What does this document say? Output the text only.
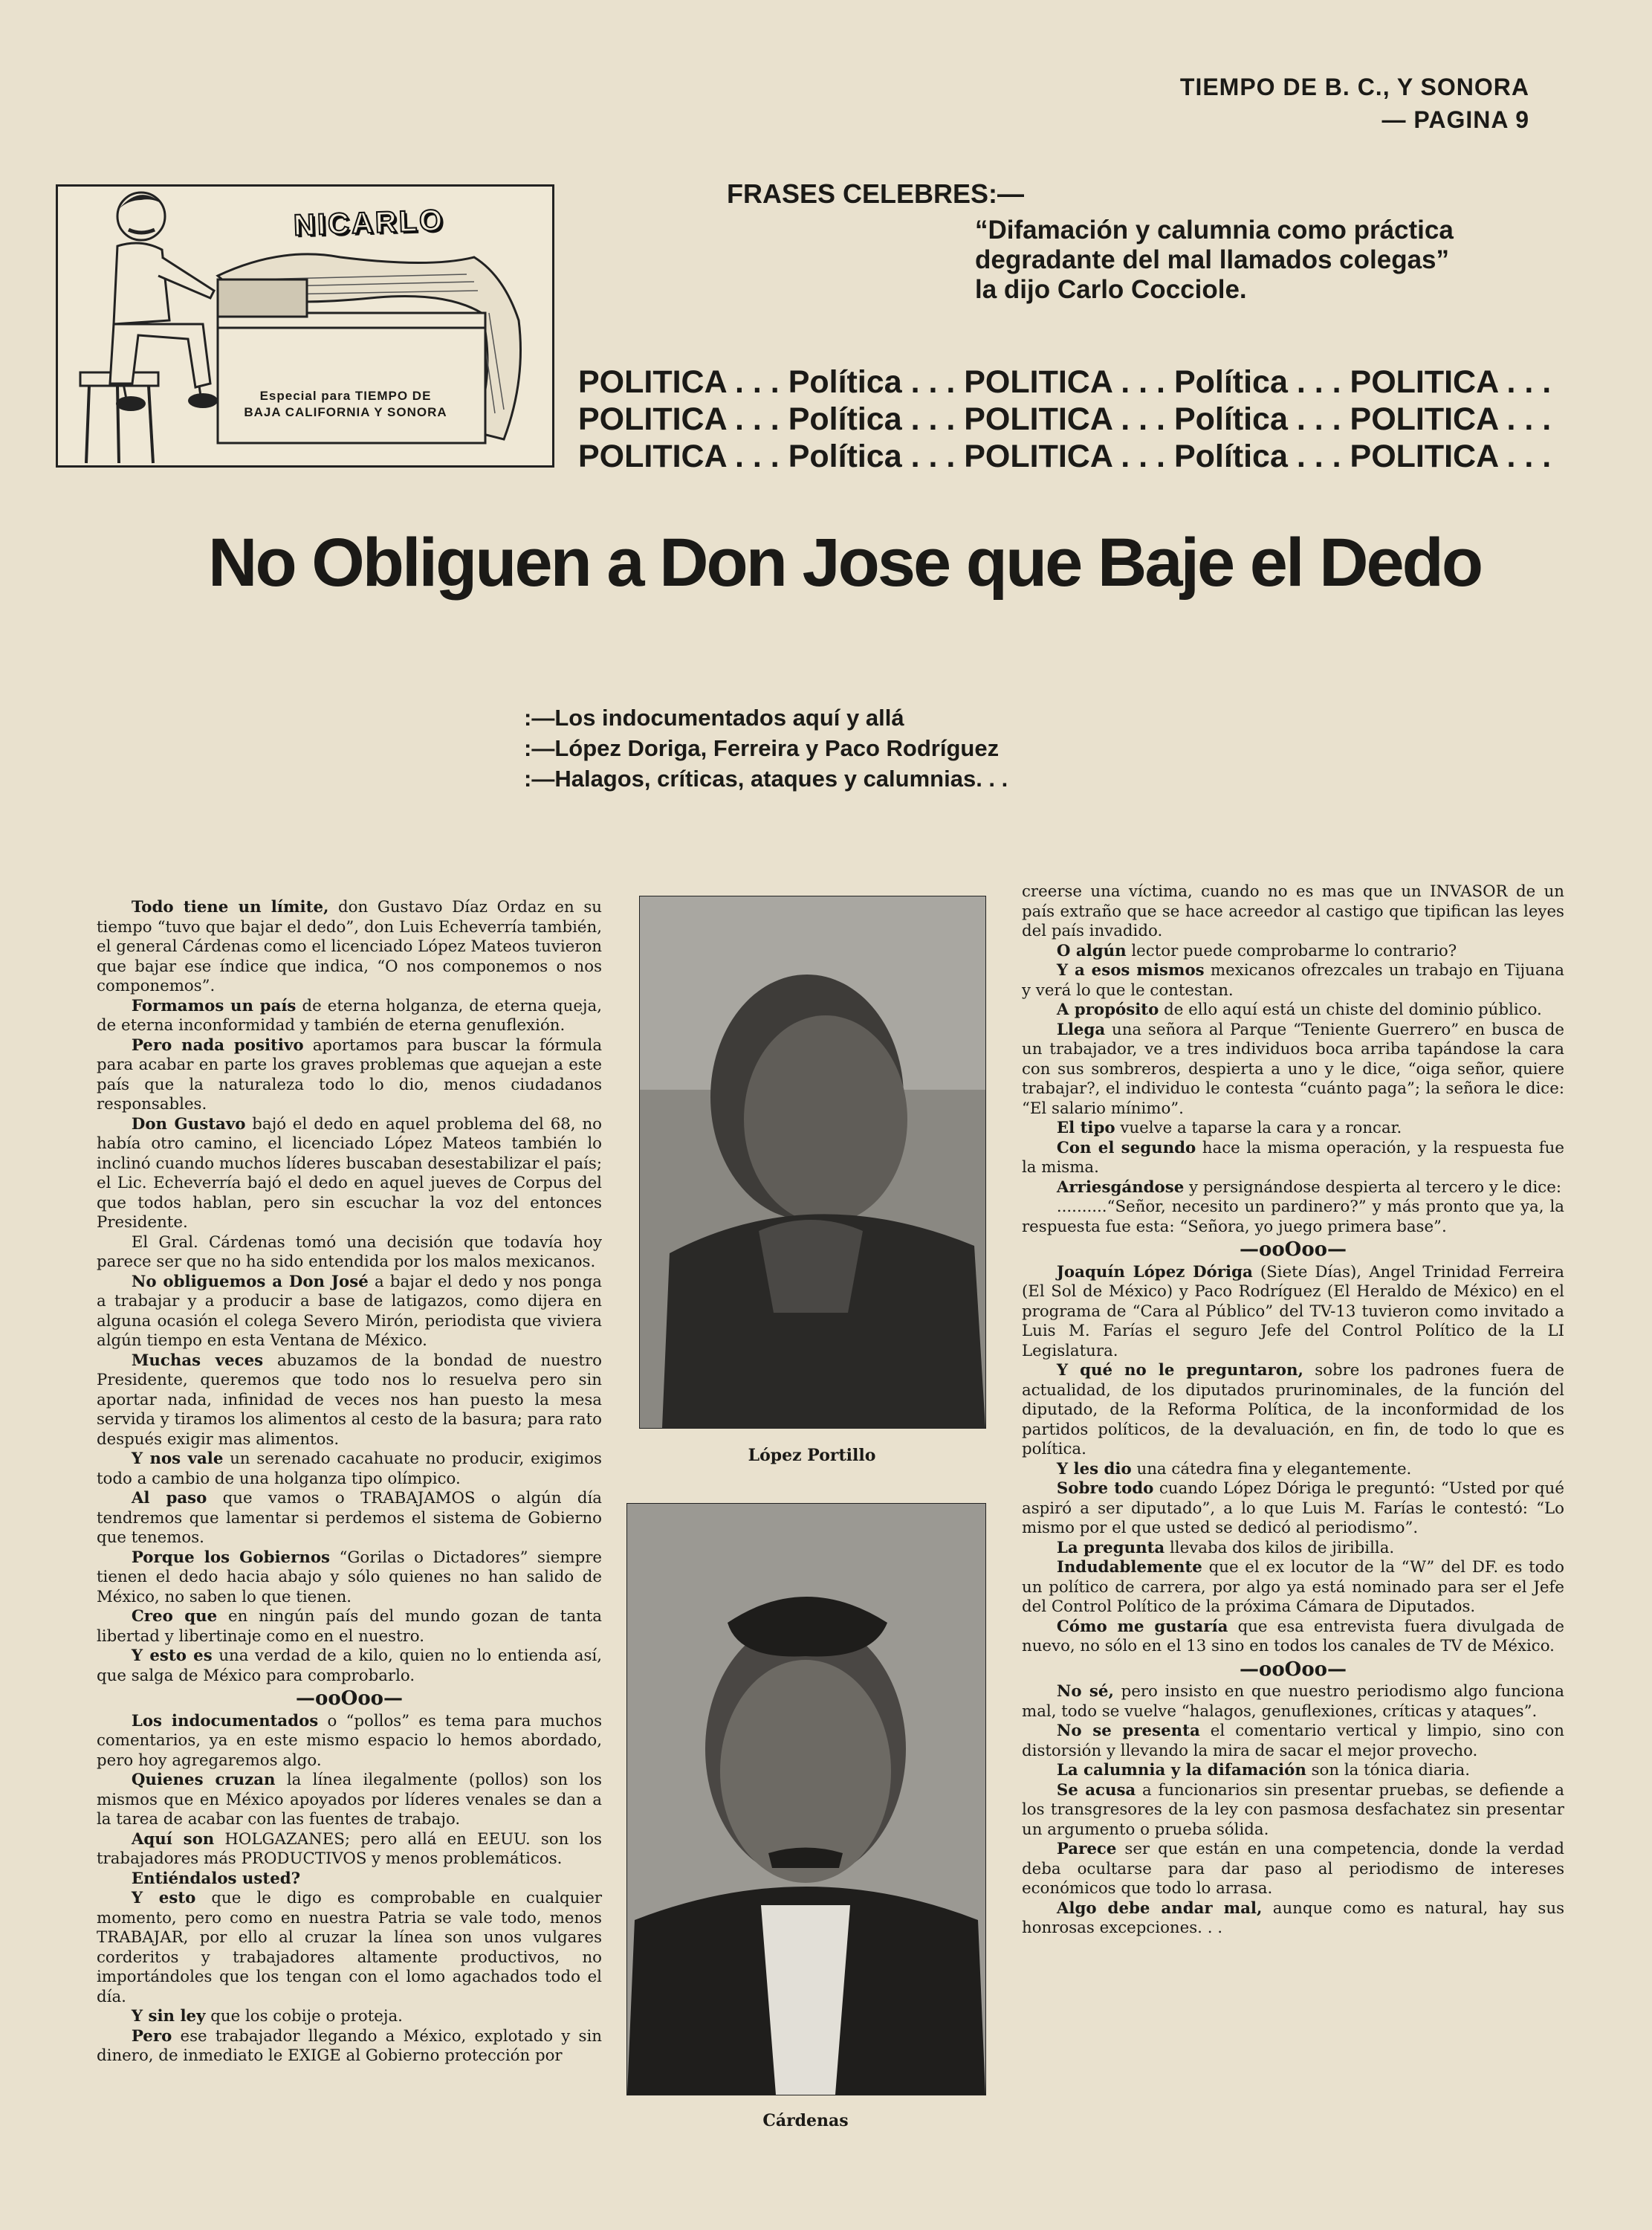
TIEMPO DE B. C., Y SONORA
— PAGINA 9
NICARLO
Especial para TIEMPO DE
BAJA CALIFORNIA Y SONORA
FRASES CELEBRES:—
“Difamación y calumnia como práctica
degradante del mal llamados colegas”
la dijo Carlo Cocciole.
POLITICA . . . Política . . . POLITICA . . . Política . . . POLITICA . . .
POLITICA . . . Política . . . POLITICA . . . Política . . . POLITICA . . .
POLITICA . . . Política . . . POLITICA . . . Política . . . POLITICA . . .
No Obliguen a Don Jose que Baje el Dedo
:—Los indocumentados aquí y allá
:—López Doriga, Ferreira y Paco Rodríguez
:—Halagos, críticas, ataques y calumnias. . .

Todo tiene un límite, don Gustavo Díaz Ordaz en su tiempo “tuvo que bajar el dedo”, don Luis Echeverría también, el general Cárdenas como el licenciado López Mateos tuvieron que bajar ese índice que indica, “O nos componemos o nos componemos”.

Formamos un país de eterna holganza, de eterna queja, de eterna inconformidad y también de eterna genuflexión.

Pero nada positivo aportamos para buscar la fórmula para acabar en parte los graves problemas que aquejan a este país que la naturaleza todo lo dio, menos ciudadanos responsables.

Don Gustavo bajó el dedo en aquel problema del 68, no había otro camino, el licenciado López Mateos también lo inclinó cuando muchos líderes buscaban desestabilizar el país; el Lic. Echeverría bajó el dedo en aquel jueves de Corpus del que todos hablan, pero sin escuchar la voz del entonces Presidente.

El Gral. Cárdenas tomó una decisión que todavía hoy parece ser que no ha sido entendida por los malos mexicanos.

No obliguemos a Don José a bajar el dedo y nos ponga a trabajar y a producir a base de latigazos, como dijera en alguna ocasión el colega Severo Mirón, periodista que viviera algún tiempo en esta Ventana de México.

Muchas veces abuzamos de la bondad de nuestro Presidente, queremos que todo nos lo resuelva pero sin aportar nada, infinidad de veces nos han puesto la mesa servida y tiramos los alimentos al cesto de la basura; para rato después exigir mas alimentos.

Y nos vale un serenado cacahuate no producir, exigimos todo a cambio de una holganza tipo olímpico.

Al paso que vamos o TRABAJAMOS o algún día tendremos que lamentar si perdemos el sistema de Gobierno que tenemos.

Porque los Gobiernos “Gorilas o Dictadores” siempre tienen el dedo hacia abajo y sólo quienes no han salido de México, no saben lo que tienen.

Creo que en ningún país del mundo gozan de tanta libertad y libertinaje como en el nuestro.

Y esto es una verdad de a kilo, quien no lo entienda así, que salga de México para comprobarlo.

—ooOoo—

Los indocumentados o “pollos” es tema para muchos comentarios, ya en este mismo espacio lo hemos abordado, pero hoy agregaremos algo.

Quienes cruzan la línea ilegalmente (pollos) son los mismos que en México apoyados por líderes venales se dan a la tarea de acabar con las fuentes de trabajo.

Aquí son HOLGAZANES; pero allá en EEUU. son los trabajadores más PRODUCTIVOS y menos problemáticos.

Entiéndalos usted?

Y esto que le digo es comprobable en cualquier momento, pero como en nuestra Patria se vale todo, menos TRABAJAR, por ello al cruzar la línea son unos vulgares corderitos y trabajadores altamente productivos, no importándoles que los tengan con el lomo agachados todo el día.

Y sin ley que los cobije o proteja.

Pero ese trabajador llegando a México, explotado y sin dinero, de inmediato le EXIGE al Gobierno protección por

López Portillo
Cárdenas

creerse una víctima, cuando no es mas que un INVASOR de un país extraño que se hace acreedor al castigo que tipifican las leyes del país invadido.

O algún lector puede comprobarme lo contrario?

Y a esos mismos mexicanos ofrezcales un trabajo en Tijuana y verá lo que le contestan.

A propósito de ello aquí está un chiste del dominio público.

Llega una señora al Parque “Teniente Guerrero” en busca de un trabajador, ve a tres individuos boca arriba tapándose la cara con sus sombreros, despierta a uno y le dice, “oiga señor, quiere trabajar?, el individuo le contesta “cuánto paga”; la señora le dice: “El salario mínimo”.

El tipo vuelve a taparse la cara y a roncar.

Con el segundo hace la misma operación, y la respuesta fue la misma.

Arriesgándose y persignándose despierta al tercero y le dice:

..........“Señor, necesito un pardinero?” y más pronto que ya, la respuesta fue esta: “Señora, yo juego primera base”.

—ooOoo—

Joaquín López Dóriga (Siete Días), Angel Trinidad Ferreira (El Sol de México) y Paco Rodríguez (El Heraldo de México) en el programa de “Cara al Público” del TV-13 tuvieron como invitado a Luis M. Farías el seguro Jefe del Control Político de la LI Legislatura.

Y qué no le preguntaron, sobre los padrones fuera de actualidad, de los diputados prurinominales, de la función del diputado, de la Reforma Política, de la inconformidad de los partidos políticos, de la devaluación, en fin, de todo lo que es política.

Y les dio una cátedra fina y elegantemente.

Sobre todo cuando López Dóriga le preguntó: “Usted por qué aspiró a ser diputado”, a lo que Luis M. Farías le contestó: “Lo mismo por el que usted se dedicó al periodismo”.

La pregunta llevaba dos kilos de jiribilla.

Indudablemente que el ex locutor de la “W” del DF. es todo un político de carrera, por algo ya está nominado para ser el Jefe del Control Político de la próxima Cámara de Diputados.

Cómo me gustaría que esa entrevista fuera divulgada de nuevo, no sólo en el 13 sino en todos los canales de TV de México.

—ooOoo—

No sé, pero insisto en que nuestro periodismo algo funciona mal, todo se vuelve “halagos, genuflexiones, críticas y ataques”.

No se presenta el comentario vertical y limpio, sino con distorsión y llevando la mira de sacar el mejor provecho.

La calumnia y la difamación son la tónica diaria.

Se acusa a funcionarios sin presentar pruebas, se defiende a los transgresores de la ley con pasmosa desfachatez sin presentar un argumento o prueba sólida.

Parece ser que están en una competencia, donde la verdad deba ocultarse para dar paso al periodismo de intereses económicos que todo lo arrasa.

Algo debe andar mal, aunque como es natural, hay sus honrosas excepciones. . .
